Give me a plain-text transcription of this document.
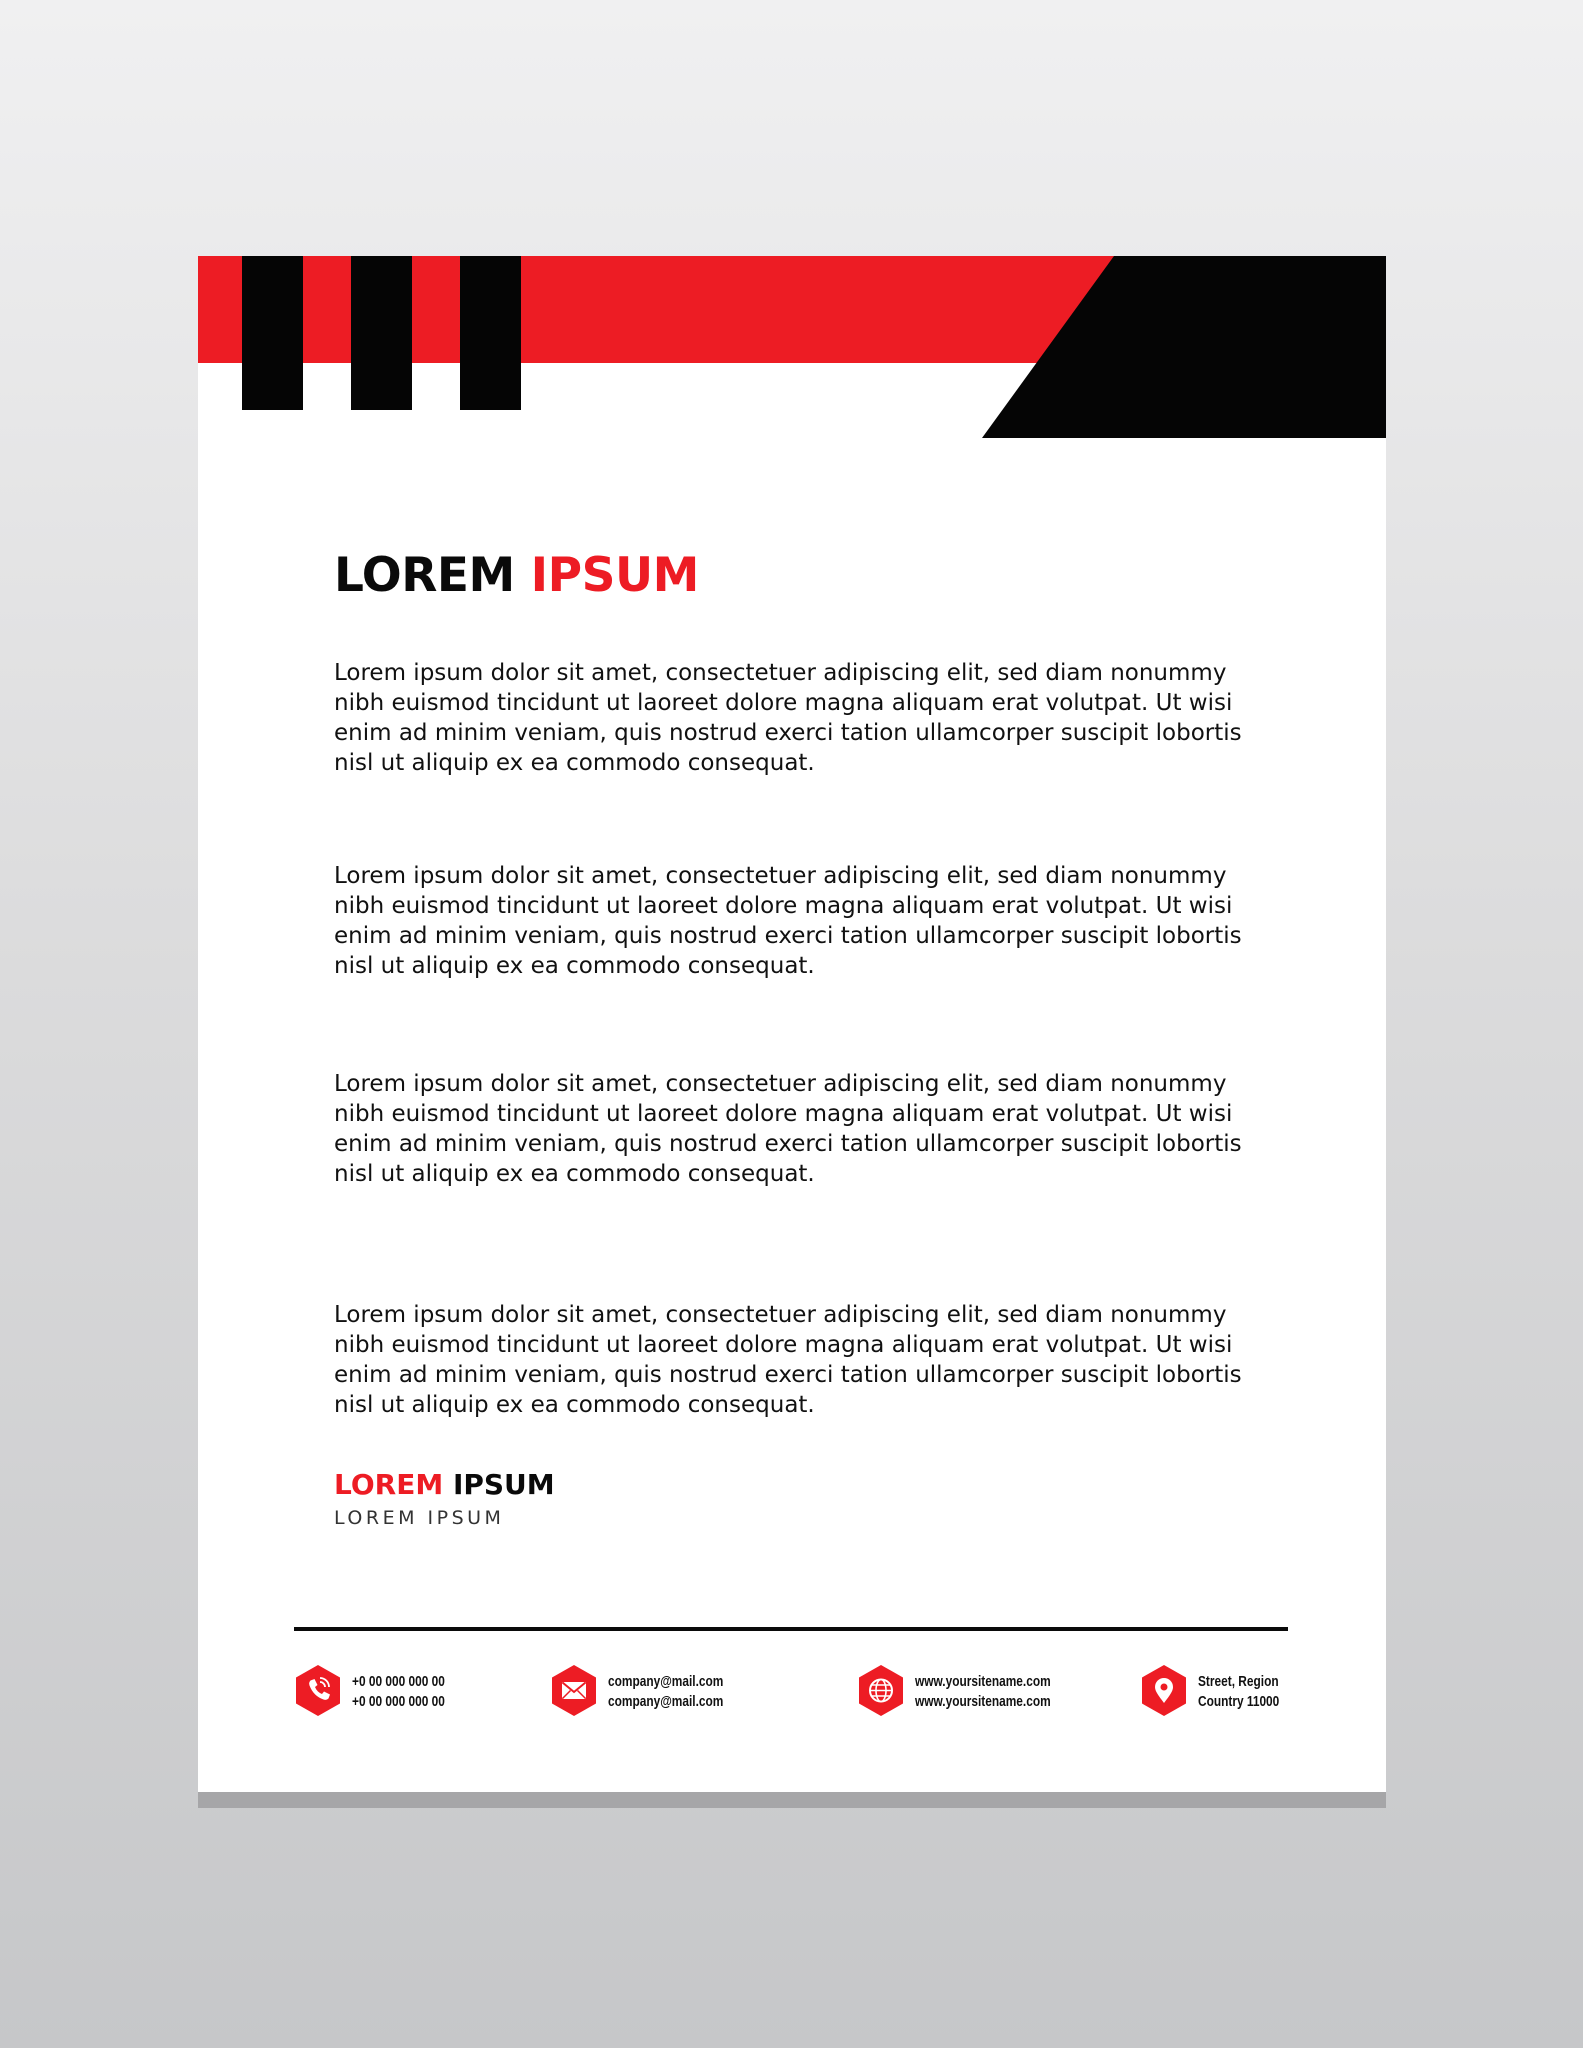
LOREM IPSUM

Lorem ipsum dolor sit amet, consectetuer adipiscing elit, sed diam nonummy nibh euismod tincidunt ut laoreet dolore magna aliquam erat volutpat. Ut wisi enim ad minim veniam, quis nostrud exerci tation ullamcorper suscipit lobortis nisl ut aliquip ex ea commodo consequat.

Lorem ipsum dolor sit amet, consectetuer adipiscing elit, sed diam nonummy nibh euismod tincidunt ut laoreet dolore magna aliquam erat volutpat. Ut wisi enim ad minim veniam, quis nostrud exerci tation ullamcorper suscipit lobortis nisl ut aliquip ex ea commodo consequat.

Lorem ipsum dolor sit amet, consectetuer adipiscing elit, sed diam nonummy nibh euismod tincidunt ut laoreet dolore magna aliquam erat volutpat. Ut wisi enim ad minim veniam, quis nostrud exerci tation ullamcorper suscipit lobortis nisl ut aliquip ex ea commodo consequat.

Lorem ipsum dolor sit amet, consectetuer adipiscing elit, sed diam nonummy nibh euismod tincidunt ut laoreet dolore magna aliquam erat volutpat. Ut wisi enim ad minim veniam, quis nostrud exerci tation ullamcorper suscipit lobortis nisl ut aliquip ex ea commodo consequat.

LOREM IPSUM
LOREM IPSUM
+0 00 000 000 00
+0 00 000 000 00
company@mail.com
company@mail.com
www.yoursitename.com
www.yoursitename.com
Street, Region
Country 11000
